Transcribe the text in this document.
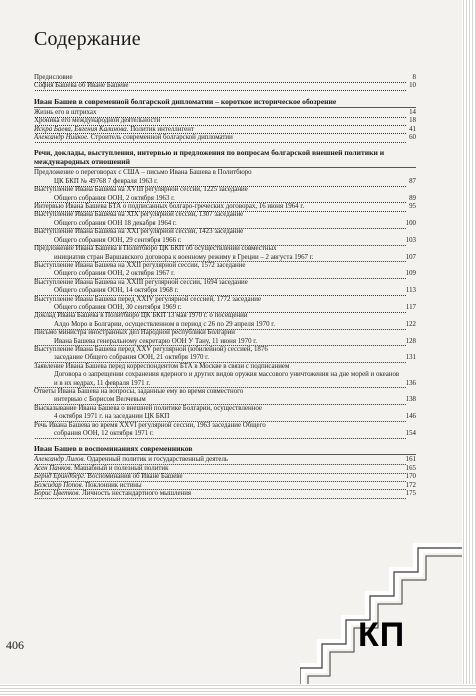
Содержание
Предисловие	8
София Башева об Иване Башеве	10
Иван Башев в современной болгарской дипломатии – короткое историческое обозрение
Жизнь его в штрихах	14
Хроника его международной деятельности	18
Искра Баева, Евгения Калинова. Политик интеллигент	41
Александр Нийкое. Строитель современной болгарской дипломатии	60
Речи, доклады, выступления, интервью и предложения по вопросам болгарской внешней политики и международных отношений
Предложение о переговорах с США – письмо Ивана Башева в Политбюро
ЦК БКП № 49768 7 февраля 1963 г.	87
Выступление Ивана Башева на XVIII регулярной сессии, 1225 заседание
Общего собрания ООН, 2 октября 1963 г.	89
Интервью Ивана Башева БТА о подписанных болгаро-греческих договорах, 16 июня 1964 г.	95
Выступление Ивана Башева на XIX регулярной сессии, 1307 заседание
Общего собрания ООН 18 декабря 1964 г.	100
Выступление Ивана Башева на XXI регулярной сессии, 1423 заседание
Общего собрания ООН, 29 сентября 1966 г.	103
Предложение Ивана Башева в Политбюро ЦК БКП об осуществлении совместных
инициатив стран Варшавского договора к военному режиму в Греции – 2 августа 1967 г.	107
Выступление Ивана Башева на XXII регулярной сессии, 1572 заседание
Общего собрания ООН, 2 октября 1967 г.	109
Выступление Ивана Башева на XXIII регулярной сессии, 1694 заседание
Общего собрания ООН, 14 октября 1968 г.	113
Выступление Ивана Башева перед XXIV регулярной сессией, 1772 заседание
Общего собрания ООН, 30 сентября 1969 г.	117
Доклад Ивана Башева в Политбюро ЦК БКП 13 мая 1970 г. о посещении
Алдо Моро в Болгарии, осуществленном в период с 26 по 29 апреля 1970 г.	122
Письмо министра иностранных дел Народной республики Болгарии
Ивана Башева генеральному секретарю ООН У Тану, 11 июня 1970 г.	128
Выступление Ивана Башева перед XXV регулярной (юбилейной) сессией, 1876
заседание Общего собрания ООН, 21 октября 1970 г.	131
Заявление Ивана Башева перед корреспондентом БТА в Москве в связи с подписанием
Договора о запрещении сохранения ядерного и других видов оружия массового уничтожения на дне морей и океанов и в их недрах, 11 февраля 1971 г.	136
Ответы Ивана Башева на вопросы, заданные ему во время совместного
интервью с Борисом Велчевым	138
Высказывание Ивана Башева о внешней политике Болгарии, осуществленное
4 октября 1971 г. на заседании ЦК БКП	146
Речь Ивана Башева во время XXVI регулярной сессии, 1963 заседание Общего
собрания ООН, 12 октября 1971 г.	154
Иван Башев в воспоминаниях современников
Александр Лилов. Одаренный политик и государственный деятель	161
Асен Панков. Машабный и полезный политик	165
Бернд Ериндберг. Воспоминания об Иване Башеве	170
Божидар Попов. Поклонник истины	172
Борис Цветков. Личность нестандартного мышления	175
406	КП
